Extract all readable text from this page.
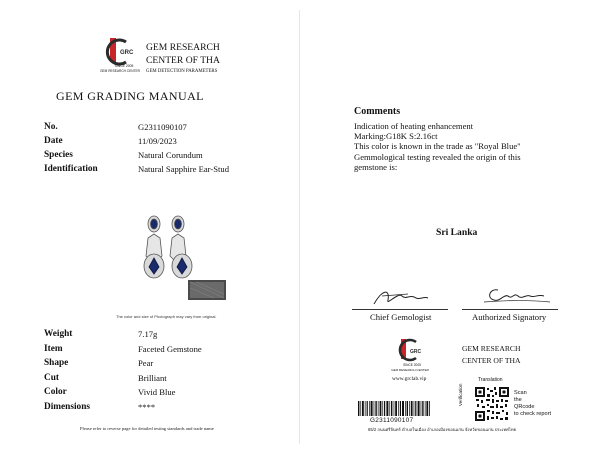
GRC
SINCE 2005
GEM RESEARCH CENTER
GEM RESEARCH
CENTER OF THA
GEM DETECTION PARAMETERS
GEM GRADING MANUAL
No.	G2311090107
Date	11/09/2023
Species	Natural Corundum
Identification	Natural Sapphire Ear-Stud
The color and size of Photograph may vary from original.
Weight	7.17g
Item	Faceted Gemstone
Shape	Pear
Cut	Brilliant
Color	Vivid Blue
Dimensions	****
Please refer to reverse page for detailed testing standards and trade name
Comments
Indication of heating enhancement
Marking:G18K S:2.16ct
This color is known in the trade as "Royal Blue"
Gemmological testing revealed the origin of this
gemstone is:
Sri Lanka
Chief Gemologist	Authorized Signatory
GRC
SINCE 2005
GEM RESEARCH CENTER
www.grclab.vip
GEM RESEARCH
CENTER OF THA
G2311090107
Translation
Verification	Scan
the
QRcode
to check report
65/2 ถนนศรีจันทร์ ตำบลในเมือง อำเภอเมืองขอนแก่น จังหวัดขอนแก่น ประเทศไทย
